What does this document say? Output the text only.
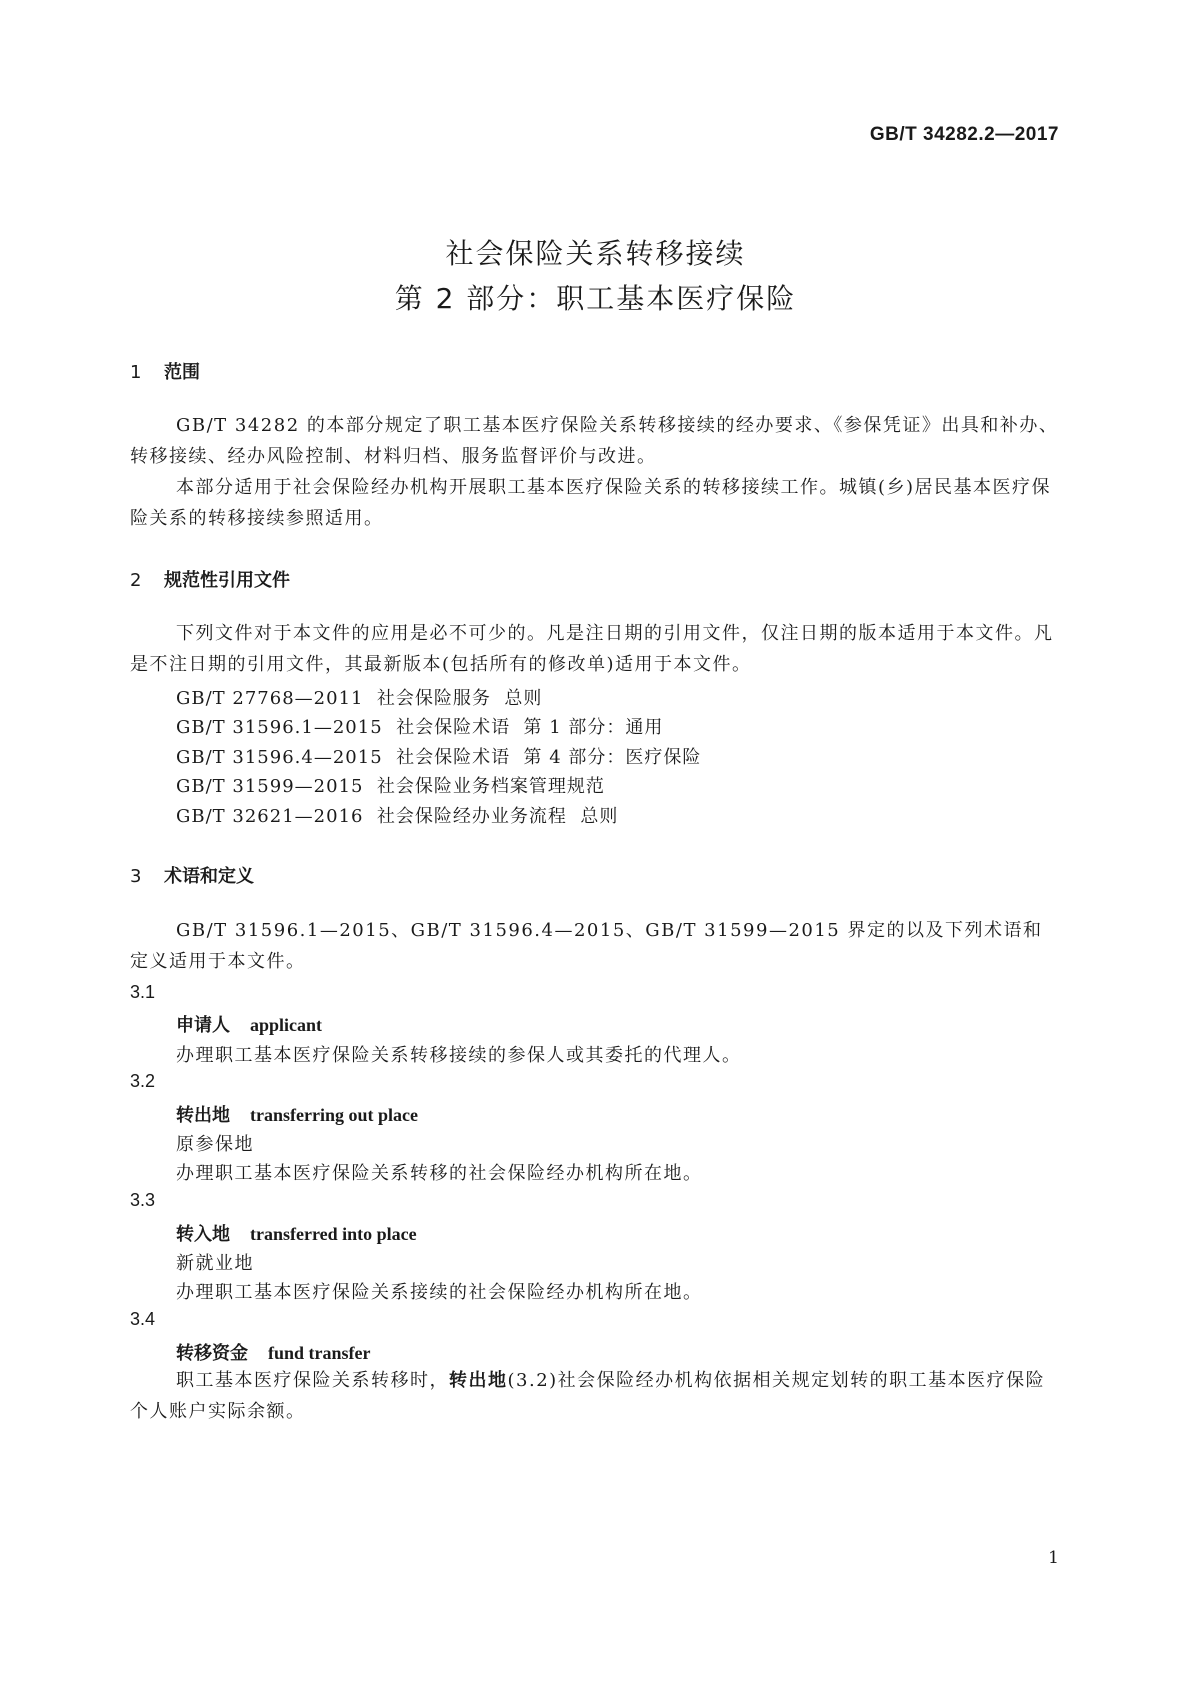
GB/T 34282.2—2017
社会保险关系转移接续
第 2 部分：职工基本医疗保险
1 范围
GB/T 34282 的本部分规定了职工基本医疗保险关系转移接续的经办要求、《参保凭证》出具和补办、转移接续、经办风险控制、材料归档、服务监督评价与改进。
本部分适用于社会保险经办机构开展职工基本医疗保险关系的转移接续工作。城镇(乡)居民基本医疗保险关系的转移接续参照适用。
2 规范性引用文件
下列文件对于本文件的应用是必不可少的。凡是注日期的引用文件，仅注日期的版本适用于本文件。凡是不注日期的引用文件，其最新版本(包括所有的修改单)适用于本文件。
GB/T 27768—2011  社会保险服务  总则
GB/T 31596.1—2015  社会保险术语  第 1 部分：通用
GB/T 31596.4—2015  社会保险术语  第 4 部分：医疗保险
GB/T 31599—2015  社会保险业务档案管理规范
GB/T 32621—2016  社会保险经办业务流程  总则
3 术语和定义
GB/T 31596.1—2015、GB/T 31596.4—2015、GB/T 31599—2015 界定的以及下列术语和定义适用于本文件。
3.1
申请人 applicant
办理职工基本医疗保险关系转移接续的参保人或其委托的代理人。
3.2
转出地 transferring out place
原参保地
办理职工基本医疗保险关系转移的社会保险经办机构所在地。
3.3
转入地 transferred into place
新就业地
办理职工基本医疗保险关系接续的社会保险经办机构所在地。
3.4
转移资金 fund transfer
职工基本医疗保险关系转移时，转出地(3.2)社会保险经办机构依据相关规定划转的职工基本医疗保险个人账户实际余额。
1
